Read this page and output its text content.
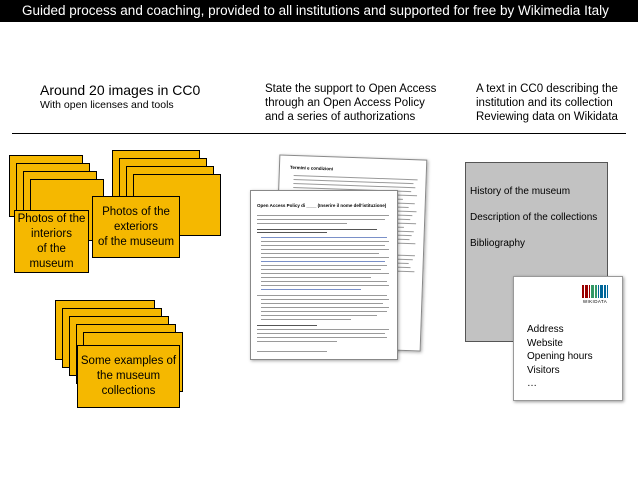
Guided process and coaching, provided to all institutions and supported for free by Wikimedia Italy
Around 20 images in CC0
With open licenses and tools
State the support to Open Access
through an Open Access Policy
and a series of authorizations
A text in CC0 describing the
institution and its collection
Reviewing data on Wikidata
Photos of the
interiors
of the museum
Photos of the
exteriors
of the museum
Some examples of
the museum
collections
Termini e condizioni
Open Access Policy di ____ (Inserire il nome dell'istituzione)
History of the museum
Description of the collections
Bibliography
WIKIDATA
Address
Website
Opening hours
Visitors
…
